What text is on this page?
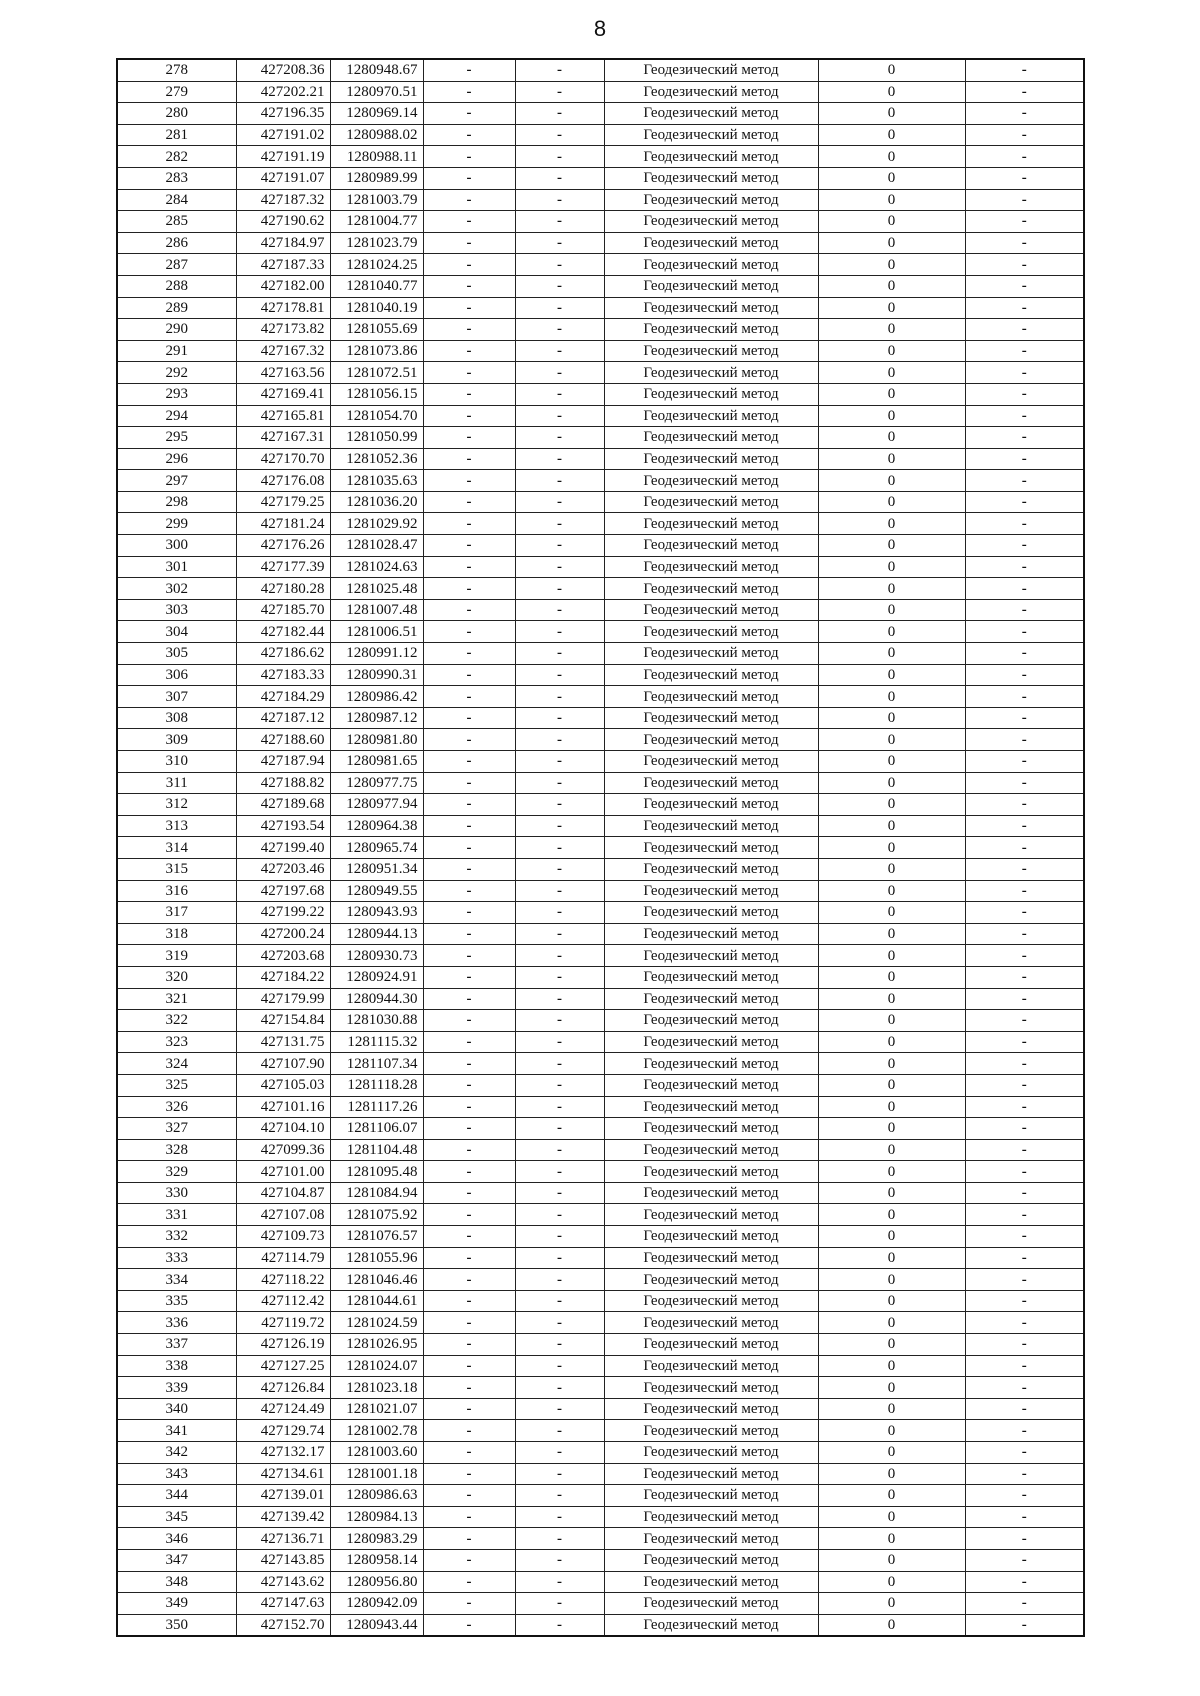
8
278	427208.36	1280948.67	-	-	Геодезический метод	0	-
279	427202.21	1280970.51	-	-	Геодезический метод	0	-
280	427196.35	1280969.14	-	-	Геодезический метод	0	-
281	427191.02	1280988.02	-	-	Геодезический метод	0	-
282	427191.19	1280988.11	-	-	Геодезический метод	0	-
283	427191.07	1280989.99	-	-	Геодезический метод	0	-
284	427187.32	1281003.79	-	-	Геодезический метод	0	-
285	427190.62	1281004.77	-	-	Геодезический метод	0	-
286	427184.97	1281023.79	-	-	Геодезический метод	0	-
287	427187.33	1281024.25	-	-	Геодезический метод	0	-
288	427182.00	1281040.77	-	-	Геодезический метод	0	-
289	427178.81	1281040.19	-	-	Геодезический метод	0	-
290	427173.82	1281055.69	-	-	Геодезический метод	0	-
291	427167.32	1281073.86	-	-	Геодезический метод	0	-
292	427163.56	1281072.51	-	-	Геодезический метод	0	-
293	427169.41	1281056.15	-	-	Геодезический метод	0	-
294	427165.81	1281054.70	-	-	Геодезический метод	0	-
295	427167.31	1281050.99	-	-	Геодезический метод	0	-
296	427170.70	1281052.36	-	-	Геодезический метод	0	-
297	427176.08	1281035.63	-	-	Геодезический метод	0	-
298	427179.25	1281036.20	-	-	Геодезический метод	0	-
299	427181.24	1281029.92	-	-	Геодезический метод	0	-
300	427176.26	1281028.47	-	-	Геодезический метод	0	-
301	427177.39	1281024.63	-	-	Геодезический метод	0	-
302	427180.28	1281025.48	-	-	Геодезический метод	0	-
303	427185.70	1281007.48	-	-	Геодезический метод	0	-
304	427182.44	1281006.51	-	-	Геодезический метод	0	-
305	427186.62	1280991.12	-	-	Геодезический метод	0	-
306	427183.33	1280990.31	-	-	Геодезический метод	0	-
307	427184.29	1280986.42	-	-	Геодезический метод	0	-
308	427187.12	1280987.12	-	-	Геодезический метод	0	-
309	427188.60	1280981.80	-	-	Геодезический метод	0	-
310	427187.94	1280981.65	-	-	Геодезический метод	0	-
311	427188.82	1280977.75	-	-	Геодезический метод	0	-
312	427189.68	1280977.94	-	-	Геодезический метод	0	-
313	427193.54	1280964.38	-	-	Геодезический метод	0	-
314	427199.40	1280965.74	-	-	Геодезический метод	0	-
315	427203.46	1280951.34	-	-	Геодезический метод	0	-
316	427197.68	1280949.55	-	-	Геодезический метод	0	-
317	427199.22	1280943.93	-	-	Геодезический метод	0	-
318	427200.24	1280944.13	-	-	Геодезический метод	0	-
319	427203.68	1280930.73	-	-	Геодезический метод	0	-
320	427184.22	1280924.91	-	-	Геодезический метод	0	-
321	427179.99	1280944.30	-	-	Геодезический метод	0	-
322	427154.84	1281030.88	-	-	Геодезический метод	0	-
323	427131.75	1281115.32	-	-	Геодезический метод	0	-
324	427107.90	1281107.34	-	-	Геодезический метод	0	-
325	427105.03	1281118.28	-	-	Геодезический метод	0	-
326	427101.16	1281117.26	-	-	Геодезический метод	0	-
327	427104.10	1281106.07	-	-	Геодезический метод	0	-
328	427099.36	1281104.48	-	-	Геодезический метод	0	-
329	427101.00	1281095.48	-	-	Геодезический метод	0	-
330	427104.87	1281084.94	-	-	Геодезический метод	0	-
331	427107.08	1281075.92	-	-	Геодезический метод	0	-
332	427109.73	1281076.57	-	-	Геодезический метод	0	-
333	427114.79	1281055.96	-	-	Геодезический метод	0	-
334	427118.22	1281046.46	-	-	Геодезический метод	0	-
335	427112.42	1281044.61	-	-	Геодезический метод	0	-
336	427119.72	1281024.59	-	-	Геодезический метод	0	-
337	427126.19	1281026.95	-	-	Геодезический метод	0	-
338	427127.25	1281024.07	-	-	Геодезический метод	0	-
339	427126.84	1281023.18	-	-	Геодезический метод	0	-
340	427124.49	1281021.07	-	-	Геодезический метод	0	-
341	427129.74	1281002.78	-	-	Геодезический метод	0	-
342	427132.17	1281003.60	-	-	Геодезический метод	0	-
343	427134.61	1281001.18	-	-	Геодезический метод	0	-
344	427139.01	1280986.63	-	-	Геодезический метод	0	-
345	427139.42	1280984.13	-	-	Геодезический метод	0	-
346	427136.71	1280983.29	-	-	Геодезический метод	0	-
347	427143.85	1280958.14	-	-	Геодезический метод	0	-
348	427143.62	1280956.80	-	-	Геодезический метод	0	-
349	427147.63	1280942.09	-	-	Геодезический метод	0	-
350	427152.70	1280943.44	-	-	Геодезический метод	0	-
